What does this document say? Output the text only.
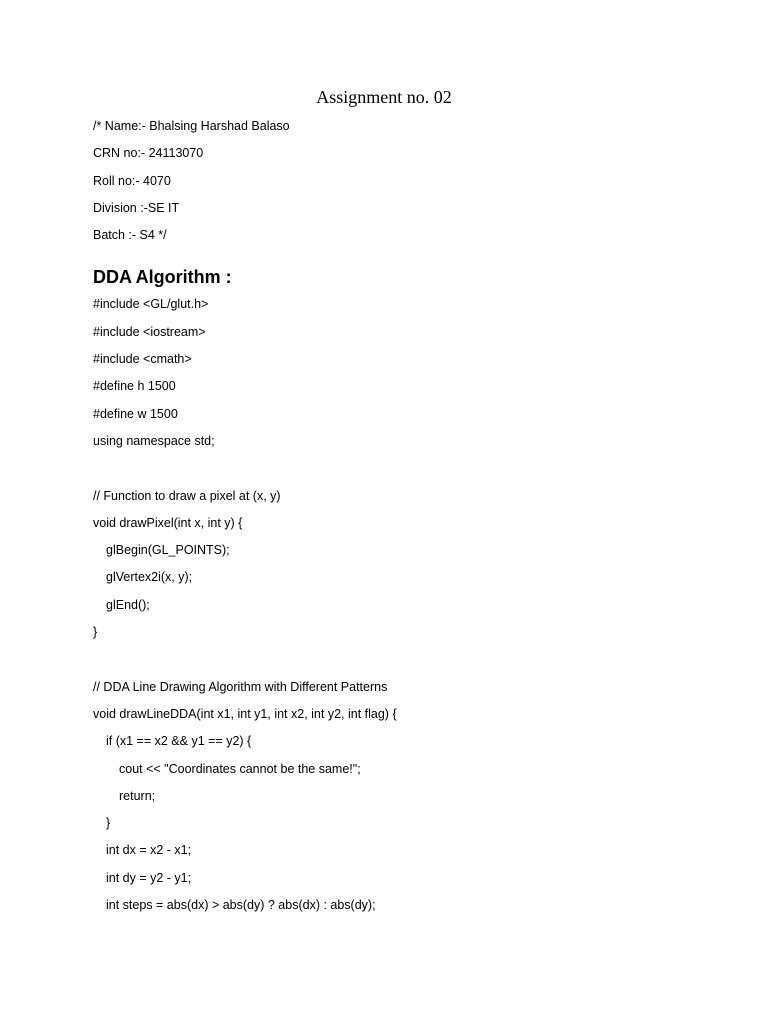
Assignment no. 02
/* Name:- Bhalsing Harshad Balaso
CRN no:- 24113070
Roll no:- 4070
Division :-SE IT
Batch :- S4 */
DDA Algorithm :
#include <GL/glut.h>
#include <iostream>
#include <cmath>
#define h 1500
#define w 1500
using namespace std;
// Function to draw a pixel at (x, y)
void drawPixel(int x, int y) {
glBegin(GL_POINTS);
glVertex2i(x, y);
glEnd();
}
// DDA Line Drawing Algorithm with Different Patterns
void drawLineDDA(int x1, int y1, int x2, int y2, int flag) {
if (x1 == x2 && y1 == y2) {
cout << "Coordinates cannot be the same!";
return;
}
int dx = x2 - x1;
int dy = y2 - y1;
int steps = abs(dx) > abs(dy) ? abs(dx) : abs(dy);
